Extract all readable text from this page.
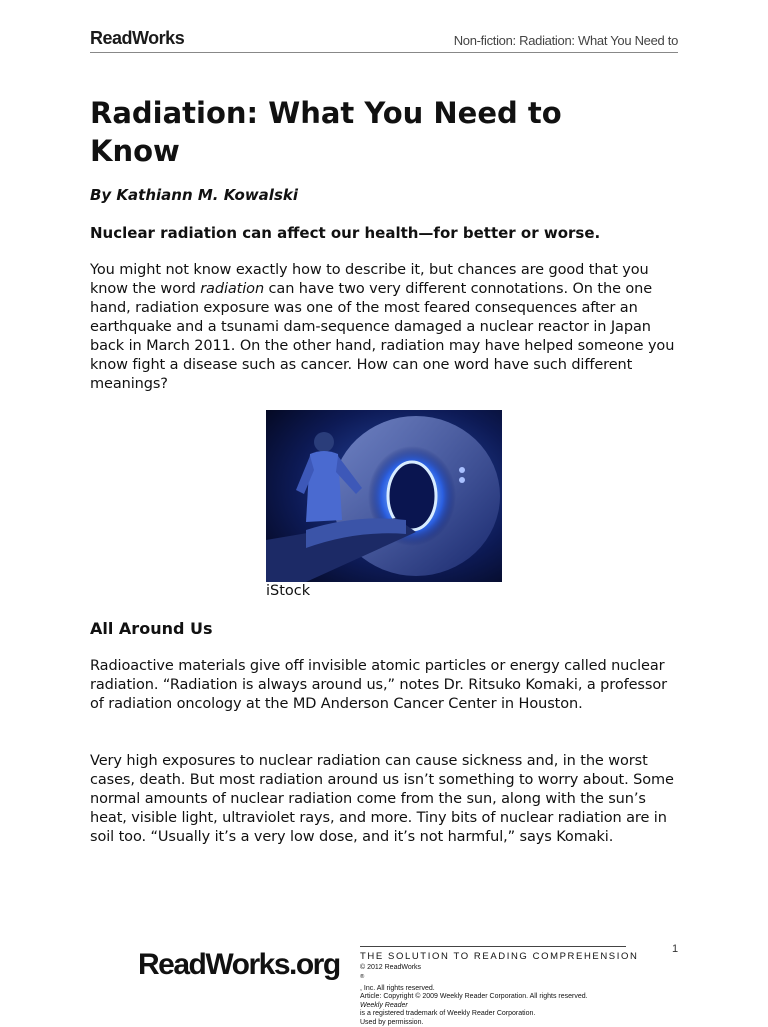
ReadWorks	Non-fiction: Radiation: What You Need to
Radiation: What You Need to Know
By Kathiann M. Kowalski
Nuclear radiation can affect our health—for better or worse.

You might not know exactly how to describe it, but chances are good that you know the word radiation can have two very different connotations. On the one hand, radiation exposure was one of the most feared consequences after an earthquake and a tsunami dam-sequence damaged a nuclear reactor in Japan back in March 2011. On the other hand, radiation may have helped someone you know fight a disease such as cancer. How can one word have such different meanings?

iStock
All Around Us

Radioactive materials give off invisible atomic particles or energy called nuclear radiation. “Radiation is always around us,” notes Dr. Ritsuko Komaki, a professor of radiation oncology at the MD Anderson Cancer Center in Houston.

Very high exposures to nuclear radiation can cause sickness and, in the worst cases, death. But most radiation around us isn’t something to worry about. Some normal amounts of nuclear radiation come from the sun, along with the sun’s heat, visible light, ultraviolet rays, and more. Tiny bits of nuclear radiation are in soil too. “Usually it’s a very low dose, and it’s not harmful,” says Komaki.

ReadWorks.org THE SOLUTION TO READING COMPREHENSION
© 2012 ReadWorks
®
, Inc. All rights reserved.
Article: Copyright © 2009 Weekly Reader Corporation. All rights reserved.
Weekly Reader
is a registered trademark of Weekly Reader Corporation.
Used by permission.
1
